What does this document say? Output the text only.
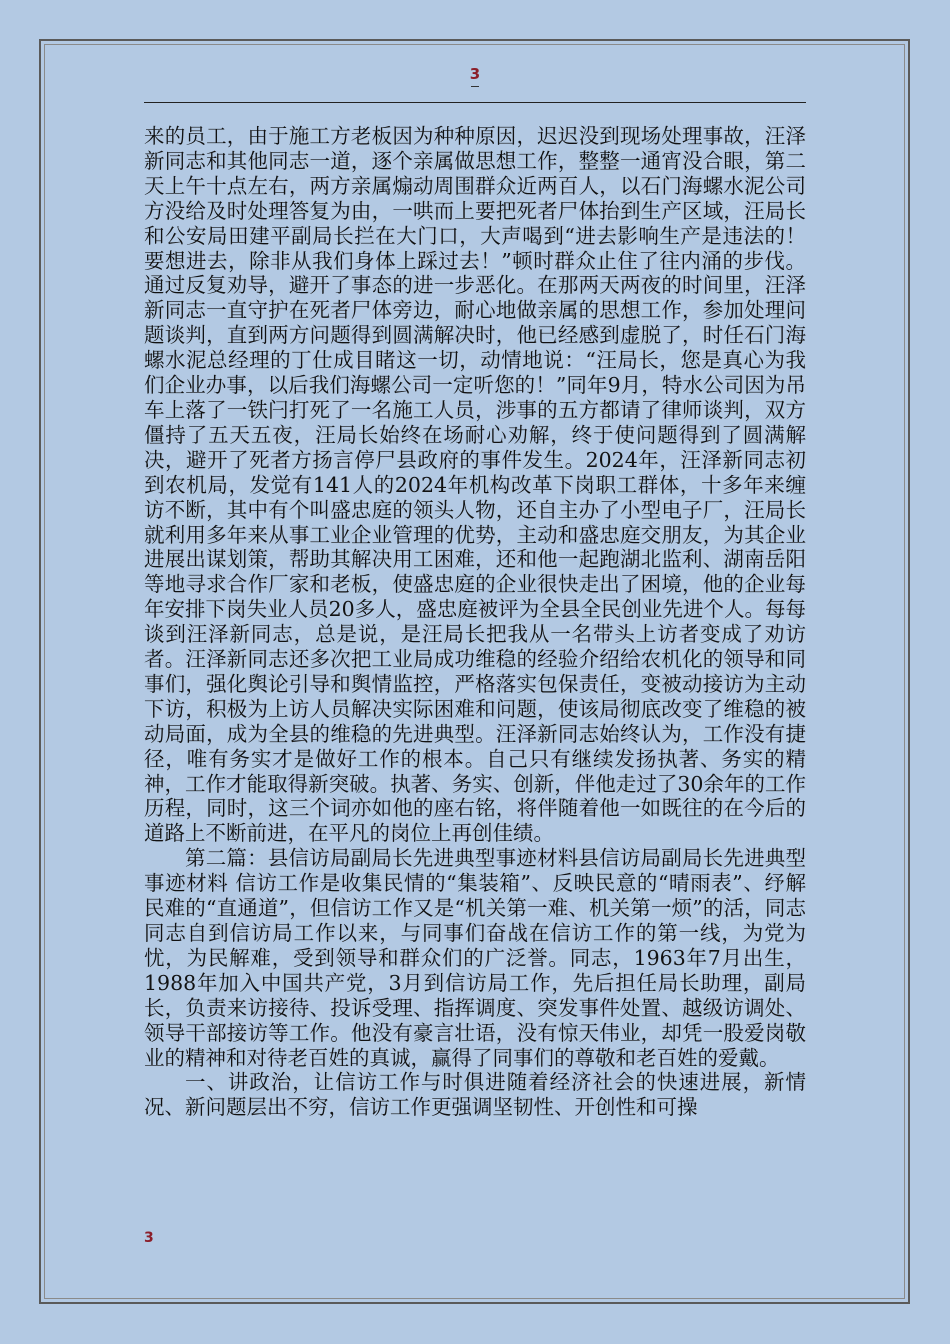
3

来的员工，由于施工方老板因为种种原因，迟迟没到现场处理事故，汪泽新同志和其他同志一道，逐个亲属做思想工作，整整一通宵没合眼，第二天上午十点左右，两方亲属煽动周围群众近两百人，以石门海螺水泥公司方没给及时处理答复为由，一哄而上要把死者尸体抬到生产区域，汪局长和公安局田建平副局长拦在大门口，大声喝到“进去影响生产是违法的！要想进去，除非从我们身体上踩过去！”顿时群众止住了往内涌的步伐。通过反复劝导，避开了事态的进一步恶化。在那两天两夜的时间里，汪泽新同志一直守护在死者尸体旁边，耐心地做亲属的思想工作，参加处理问题谈判，直到两方问题得到圆满解决时，他已经感到虚脱了，时任石门海螺水泥总经理的丁仕成目睹这一切，动情地说：“汪局长，您是真心为我们企业办事，以后我们海螺公司一定听您的！”同年9月，特水公司因为吊车上落了一铁闩打死了一名施工人员，涉事的五方都请了律师谈判，双方僵持了五天五夜，汪局长始终在场耐心劝解，终于使问题得到了圆满解决，避开了死者方扬言停尸县政府的事件发生。2024年，汪泽新同志初到农机局，发觉有141人的2024年机构改革下岗职工群体，十多年来缠访不断，其中有个叫盛忠庭的领头人物，还自主办了小型电子厂，汪局长就利用多年来从事工业企业管理的优势，主动和盛忠庭交朋友，为其企业进展出谋划策，帮助其解决用工困难，还和他一起跑湖北监利、湖南岳阳等地寻求合作厂家和老板，使盛忠庭的企业很快走出了困境，他的企业每年安排下岗失业人员20多人，盛忠庭被评为全县全民创业先进个人。每每谈到汪泽新同志，总是说，是汪局长把我从一名带头上访者变成了劝访者。汪泽新同志还多次把工业局成功维稳的经验介绍给农机化的领导和同事们，强化舆论引导和舆情监控，严格落实包保责任，变被动接访为主动下访，积极为上访人员解决实际困难和问题，使该局彻底改变了维稳的被动局面，成为全县的维稳的先进典型。汪泽新同志始终认为，工作没有捷径，唯有务实才是做好工作的根本。自己只有继续发扬执著、务实的精神，工作才能取得新突破。执著、务实、创新，伴他走过了30余年的工作历程，同时，这三个词亦如他的座右铭，将伴随着他一如既往的在今后的道路上不断前进，在平凡的岗位上再创佳绩。

第二篇：县信访局副局长先进典型事迹材料县信访局副局长先进典型事迹材料 信访工作是收集民情的“集装箱”、反映民意的“晴雨表”、纾解民难的“直通道”，但信访工作又是“机关第一难、机关第一烦”的活，同志同志自到信访局工作以来，与同事们奋战在信访工作的第一线，为党为忧，为民解难，受到领导和群众们的广泛誉。同志，1963年7月出生，1988年加入中国共产党，3月到信访局工作，先后担任局长助理，副局长，负责来访接待、投诉受理、指挥调度、突发事件处置、越级访调处、领导干部接访等工作。他没有豪言壮语，没有惊天伟业，却凭一股爱岗敬业的精神和对待老百姓的真诚，赢得了同事们的尊敬和老百姓的爱戴。

一、讲政治，让信访工作与时俱进随着经济社会的快速进展，新情况、新问题层出不穷，信访工作更强调坚韧性、开创性和可操

3
